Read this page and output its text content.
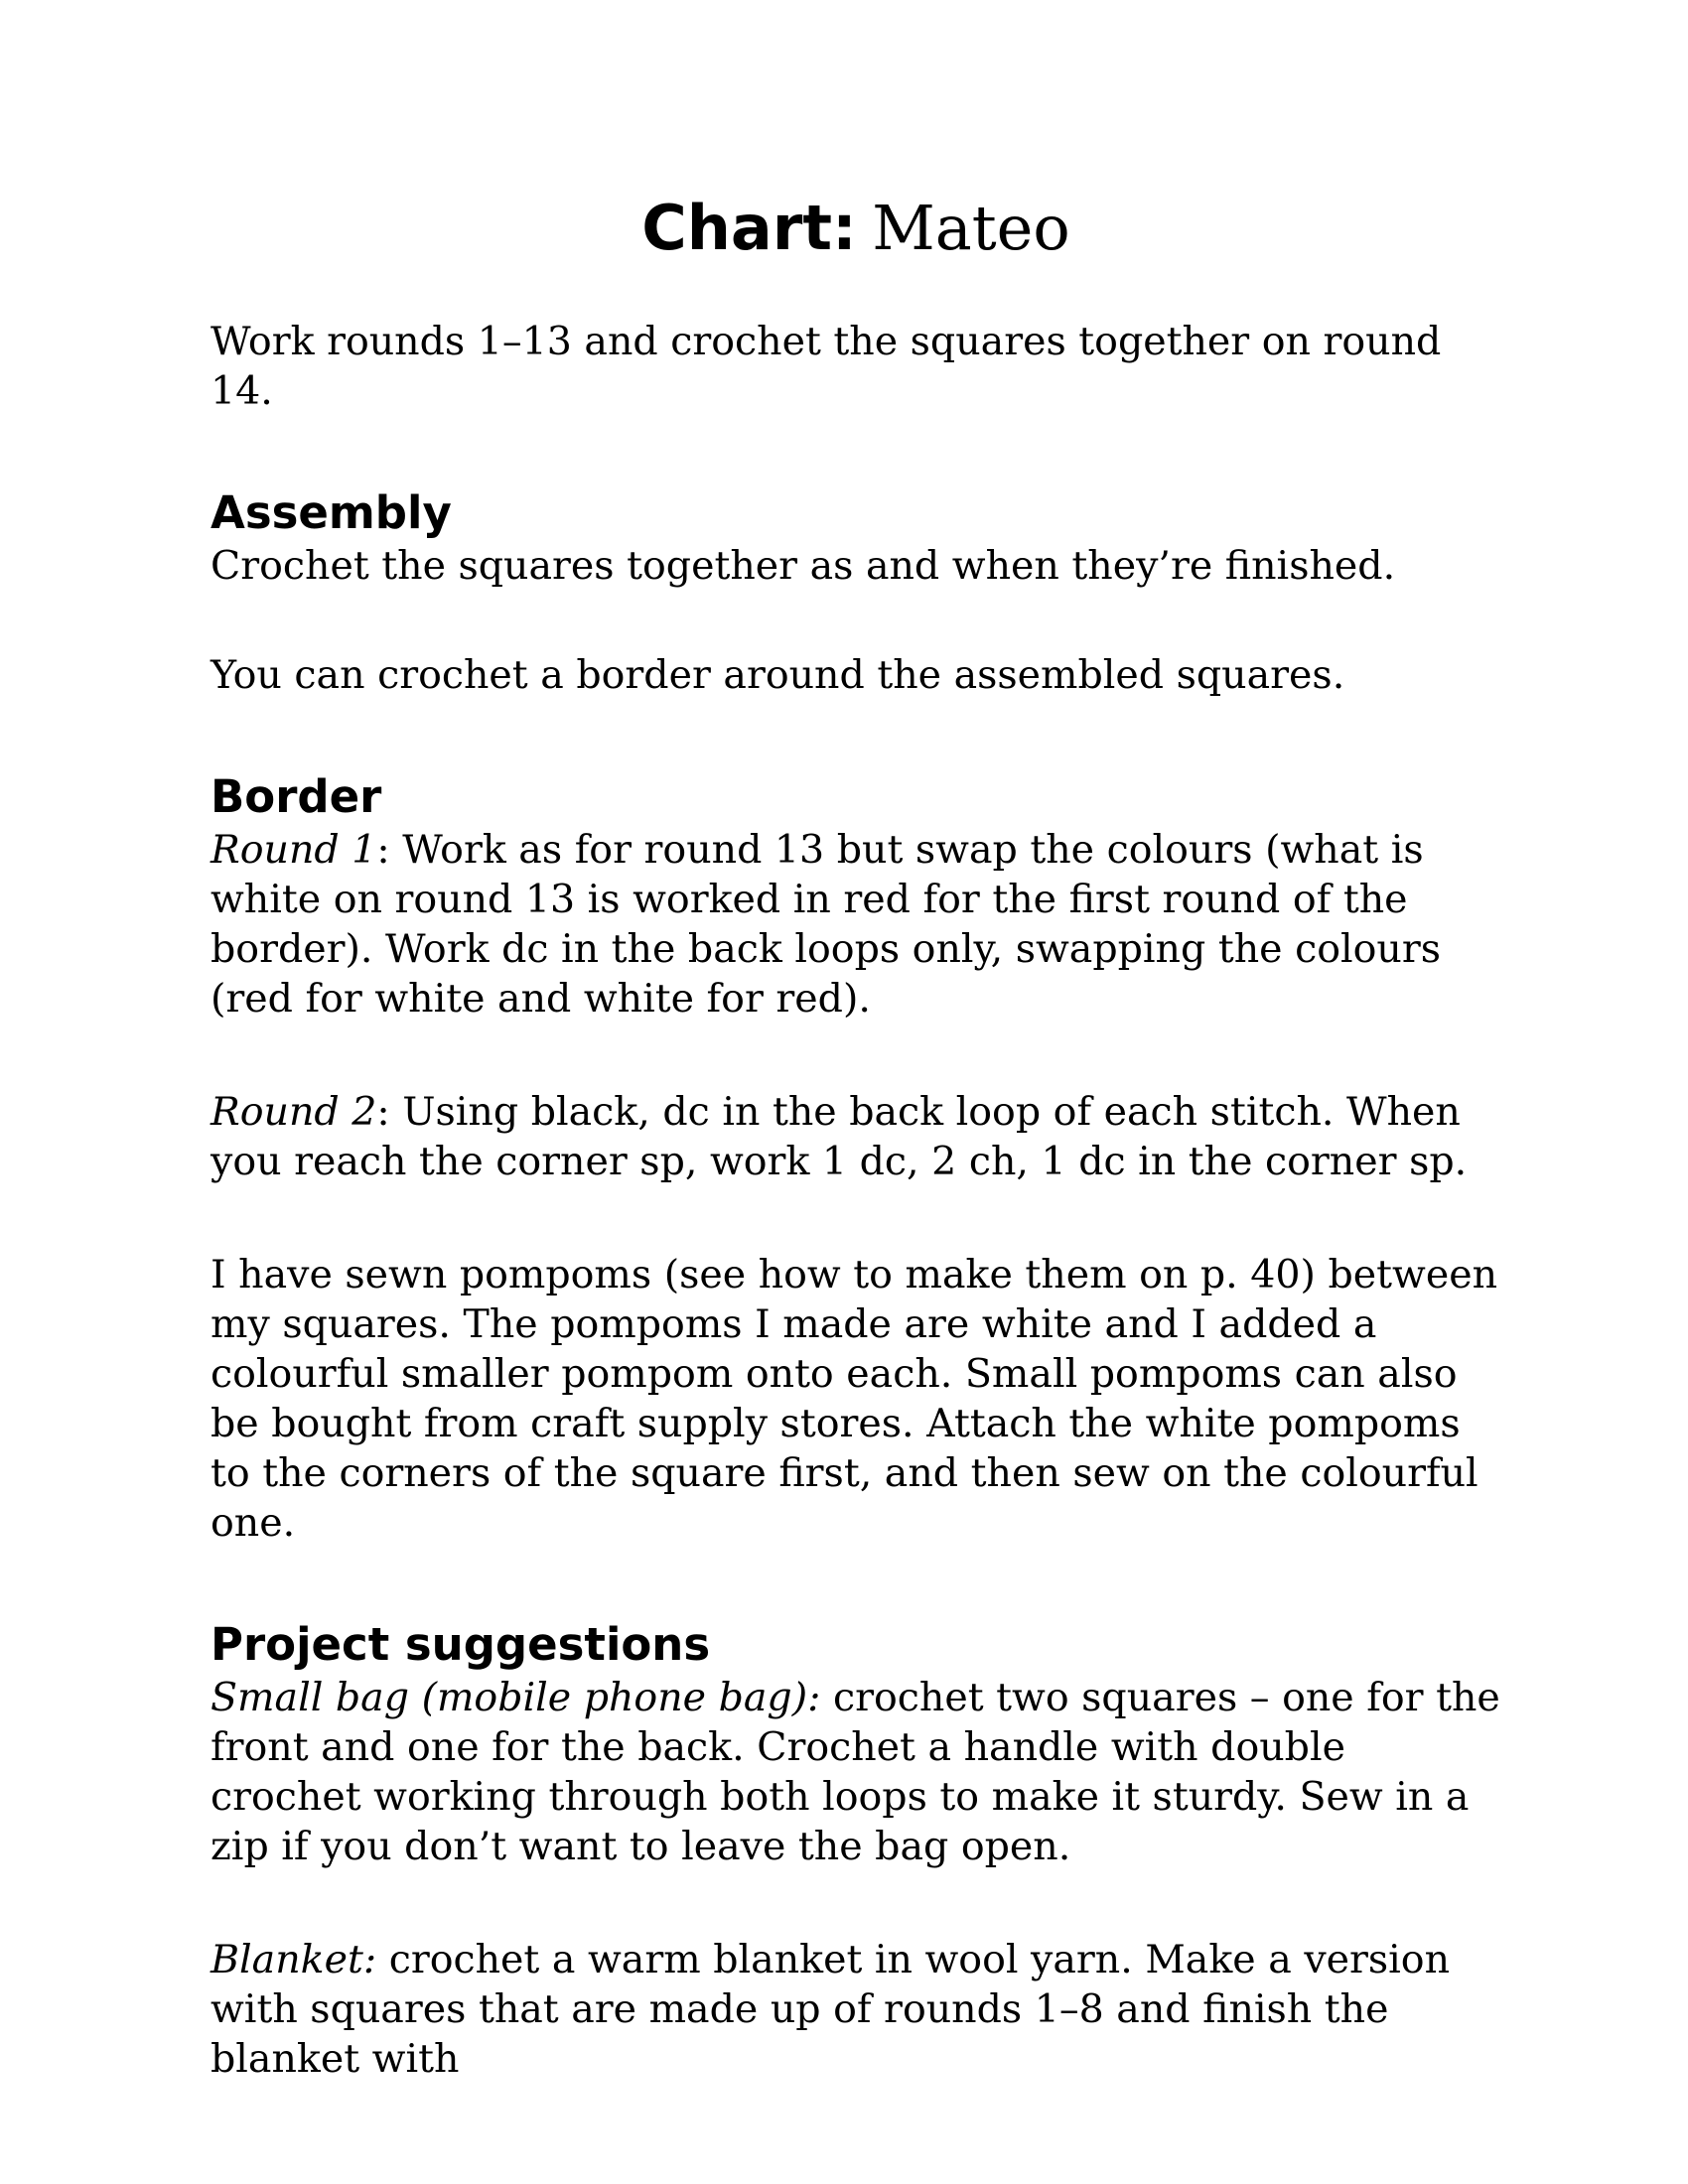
Chart: Mateo

Work rounds 1–13 and crochet the squares together on round 14.

Assembly

Crochet the squares together as and when they’re finished.

You can crochet a border around the assembled squares.

Border

Round 1: Work as for round 13 but swap the colours (what is white on round 13 is worked in red for the first round of the border). Work dc in the back loops only, swapping the colours (red for white and white for red).

Round 2: Using black, dc in the back loop of each stitch. When you reach the corner sp, work 1 dc, 2 ch, 1 dc in the corner sp.

I have sewn pompoms (see how to make them on p. 40) between my squares. The pompoms I made are white and I added a colourful smaller pompom onto each. Small pompoms can also be bought from craft supply stores. Attach the white pompoms to the corners of the square first, and then sew on the colourful one.

Project suggestions

Small bag (mobile phone bag): crochet two squares – one for the front and one for the back. Crochet a handle with double crochet working through both loops to make it sturdy. Sew in a zip if you don’t want to leave the bag open.

Blanket: crochet a warm blanket in wool yarn. Make a version with squares that are made up of rounds 1–8 and finish the blanket with
